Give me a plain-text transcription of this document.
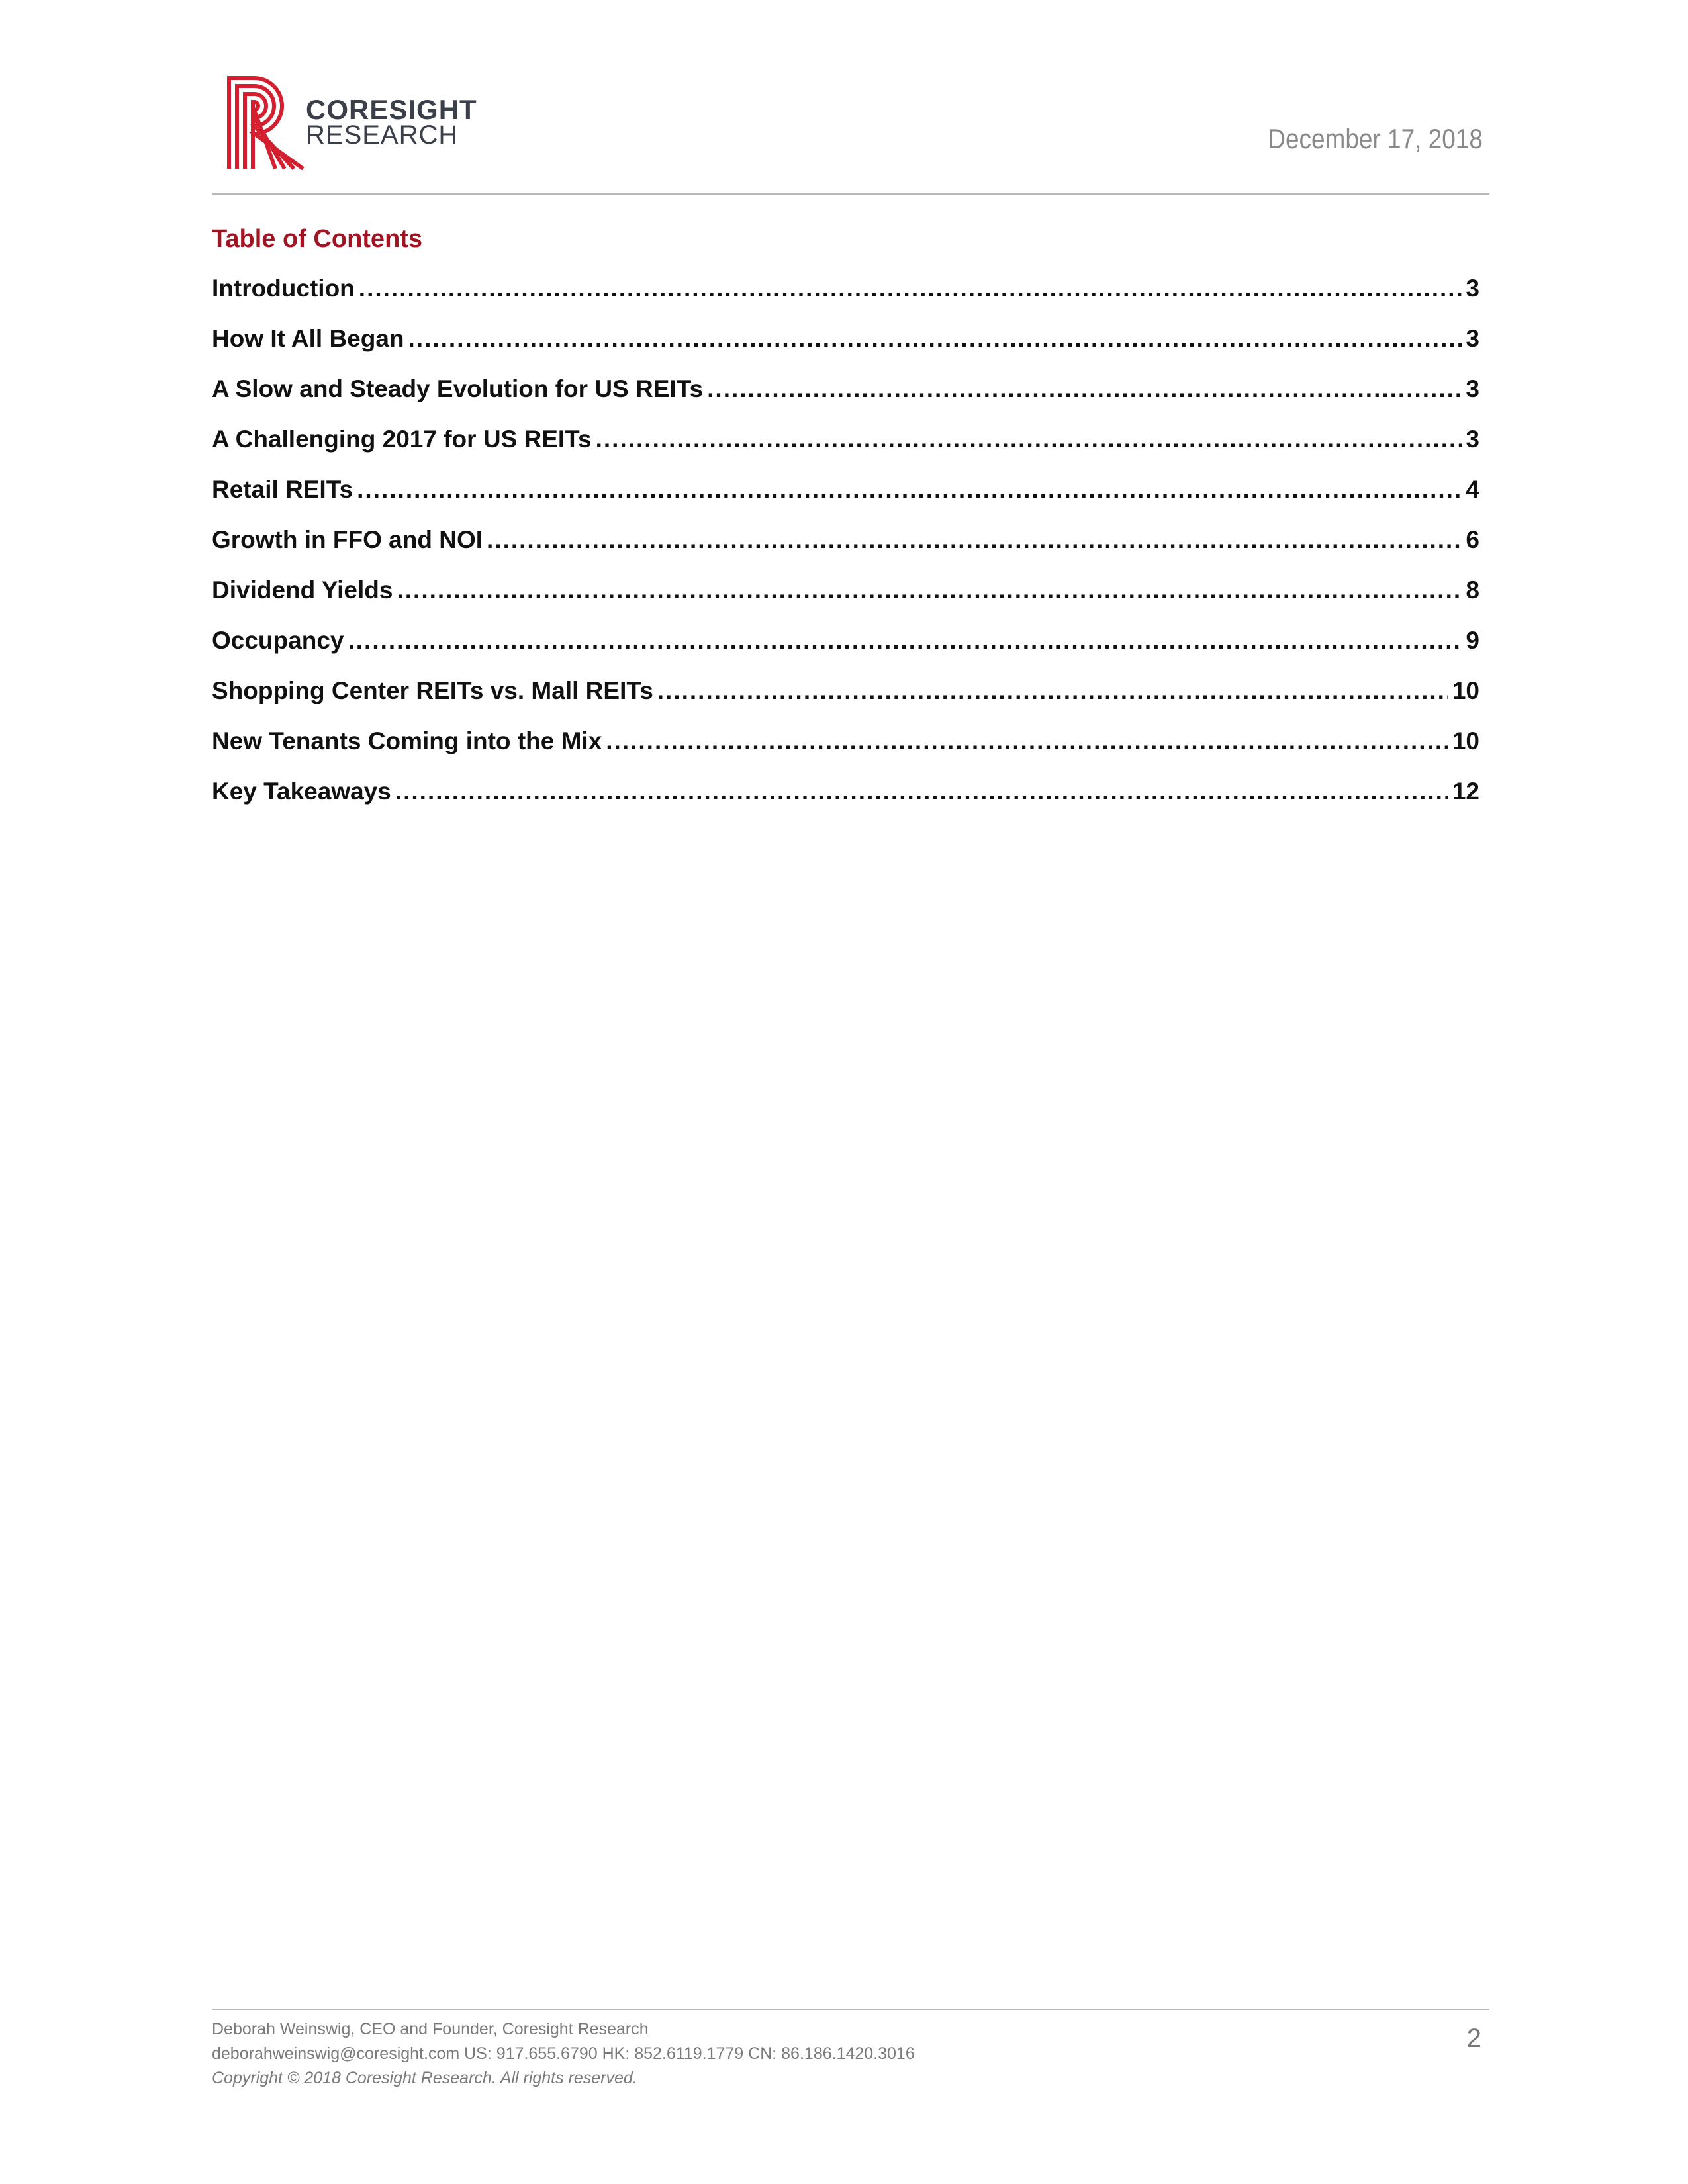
CORESIGHT
RESEARCH	December 17, 2018
Table of Contents
Introduction .....	3
How It All Began .....	3
A Slow and Steady Evolution for US REITs .....	3
A Challenging 2017 for US REITs .....	3
Retail REITs .....	4
Growth in FFO and NOI .....	6
Dividend Yields .....	8
Occupancy .....	9
Shopping Center REITs vs. Mall REITs .....	10
New Tenants Coming into the Mix .....	10
Key Takeaways .....	12
Deborah Weinswig, CEO and Founder, Coresight Research
deborahweinswig@coresight.com US: 917.655.6790 HK: 852.6119.1779 CN: 86.186.1420.3016
Copyright © 2018 Coresight Research. All rights reserved.
2
